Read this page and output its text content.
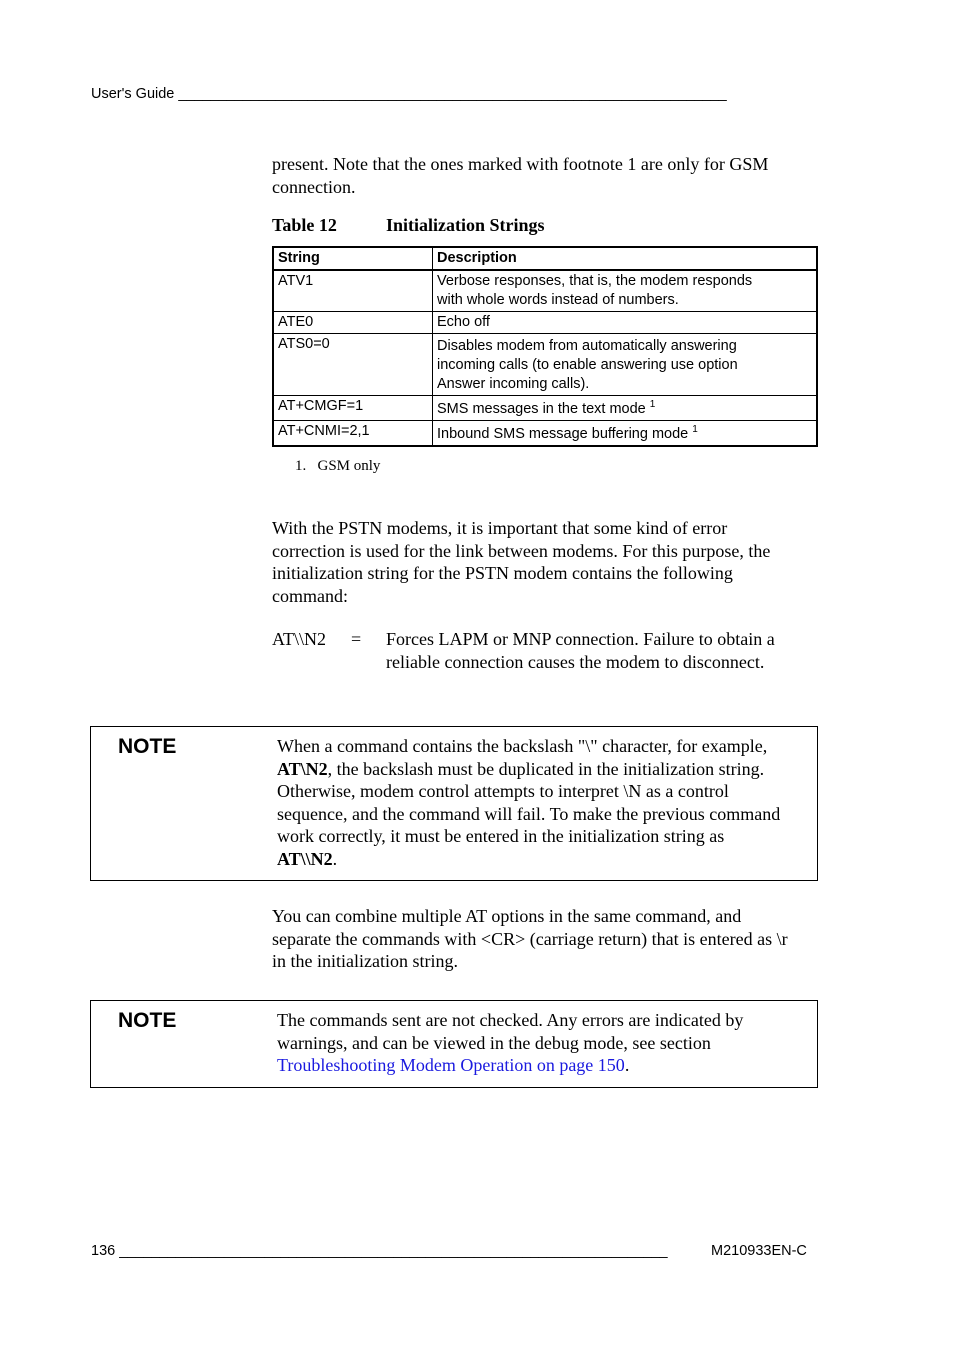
User's Guide ____________________________________________________________________
present. Note that the ones marked with footnote 1 are only for GSM
connection.
Table 12	Initialization Strings
String	Description
ATV1	Verbose responses, that is, the modem responds
with whole words instead of numbers.

ATE0	Echo off

ATS0=0	Disables modem from automatically answering
incoming calls (to enable answering use option
Answer incoming calls).

AT+CMGF=1	SMS messages in the text mode $^1$
AT+CNMI=2,1	Inbound SMS message buffering mode $^1$
1.   GSM only
With the PSTN modems, it is important that some kind of error
correction is used for the link between modems. For this purpose, the
initialization string for the PSTN modem contains the following
command:
AT\\N2 = Forces LAPM or MNP connection. Failure to obtain a
reliable connection causes the modem to disconnect.
NOTE	When a command contains the backslash "\" character, for example,
AT\N2, the backslash must be duplicated in the initialization string.
Otherwise, modem control attempts to interpret \N as a control
sequence, and the command will fail. To make the previous command
work correctly, it must be entered in the initialization string as
AT\\N2.
You can combine multiple AT options in the same command, and
separate the commands with <CR> (carriage return) that is entered as \r
in the initialization string.
NOTE	The commands sent are not checked. Any errors are indicated by
warnings, and can be viewed in the debug mode, see section
Troubleshooting Modem Operation on page 150.
136 ____________________________________________________________________	M210933EN-C
